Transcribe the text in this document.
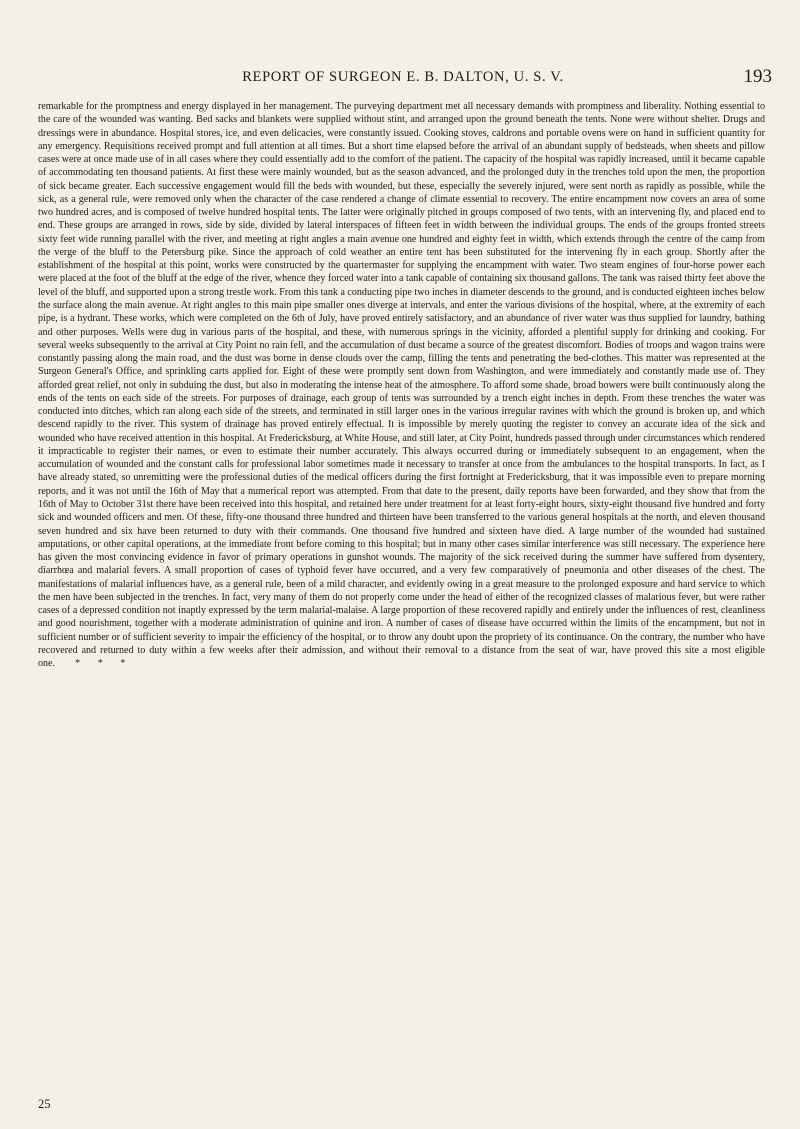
REPORT OF SURGEON E. B. DALTON, U. S. V.	193

remarkable for the promptness and energy displayed in her management. The purveying department met all necessary demands with promptness and liberality. Nothing essential to the care of the wounded was wanting. Bed sacks and blankets were supplied without stint, and arranged upon the ground beneath the tents. None were without shelter. Drugs and dressings were in abundance. Hospital stores, ice, and even delicacies, were constantly issued. Cooking stoves, caldrons and portable ovens were on hand in sufficient quantity for any emergency. Requisitions received prompt and full attention at all times. But a short time elapsed before the arrival of an abundant supply of bedsteads, when sheets and pillow cases were at once made use of in all cases where they could essentially add to the comfort of the patient. The capacity of the hospital was rapidly increased, until it became capable of accommodating ten thousand patients. At first these were mainly wounded, but as the season advanced, and the prolonged duty in the trenches told upon the men, the proportion of sick became greater. Each successive engagement would fill the beds with wounded, but these, especially the severely injured, were sent north as rapidly as possible, while the sick, as a general rule, were removed only when the character of the case rendered a change of climate essential to recovery. The entire encampment now covers an area of some two hundred acres, and is composed of twelve hundred hospital tents. The latter were originally pitched in groups composed of two tents, with an intervening fly, and placed end to end. These groups are arranged in rows, side by side, divided by lateral interspaces of fifteen feet in width between the individual groups. The ends of the groups fronted streets sixty feet wide running parallel with the river, and meeting at right angles a main avenue one hundred and eighty feet in width, which extends through the centre of the camp from the verge of the bluff to the Petersburg pike. Since the approach of cold weather an entire tent has been substituted for the intervening fly in each group. Shortly after the establishment of the hospital at this point, works were constructed by the quartermaster for supplying the encampment with water. Two steam engines of four-horse power each were placed at the foot of the bluff at the edge of the river, whence they forced water into a tank capable of containing six thousand gallons. The tank was raised thirty feet above the level of the bluff, and supported upon a strong trestle work. From this tank a conducting pipe two inches in diameter descends to the ground, and is conducted eighteen inches below the surface along the main avenue. At right angles to this main pipe smaller ones diverge at intervals, and enter the various divisions of the hospital, where, at the extremity of each pipe, is a hydrant. These works, which were completed on the 6th of July, have proved entirely satisfactory, and an abundance of river water was thus supplied for laundry, bathing and other purposes. Wells were dug in various parts of the hospital, and these, with numerous springs in the vicinity, afforded a plentiful supply for drinking and cooking. For several weeks subsequently to the arrival at City Point no rain fell, and the accumulation of dust became a source of the greatest discomfort. Bodies of troops and wagon trains were constantly passing along the main road, and the dust was borne in dense clouds over the camp, filling the tents and penetrating the bed-clothes. This matter was represented at the Surgeon General's Office, and sprinkling carts applied for. Eight of these were promptly sent down from Washington, and were immediately and constantly made use of. They afforded great relief, not only in subduing the dust, but also in moderating the intense heat of the atmosphere. To afford some shade, broad bowers were built continuously along the ends of the tents on each side of the streets. For purposes of drainage, each group of tents was surrounded by a trench eight inches in depth. From these trenches the water was conducted into ditches, which ran along each side of the streets, and terminated in still larger ones in the various irregular ravines with which the ground is broken up, and which descend rapidly to the river. This system of drainage has proved entirely effectual. It is impossible by merely quoting the register to convey an accurate idea of the sick and wounded who have received attention in this hospital. At Fredericksburg, at White House, and still later, at City Point, hundreds passed through under circumstances which rendered it impracticable to register their names, or even to estimate their number accurately. This always occurred during or immediately subsequent to an engagement, when the accumulation of wounded and the constant calls for professional labor sometimes made it necessary to transfer at once from the ambulances to the hospital transports. In fact, as I have already stated, so unremitting were the professional duties of the medical officers during the first fortnight at Fredericksburg, that it was impossible even to prepare morning reports, and it was not until the 16th of May that a numerical report was attempted. From that date to the present, daily reports have been forwarded, and they show that from the 16th of May to October 31st there have been received into this hospital, and retained here under treatment for at least forty-eight hours, sixty-eight thousand five hundred and forty sick and wounded officers and men. Of these, fifty-one thousand three hundred and thirteen have been transferred to the various general hospitals at the north, and eleven thousand seven hundred and six have been returned to duty with their commands. One thousand five hundred and sixteen have died. A large number of the wounded had sustained amputations, or other capital operations, at the immediate front before coming to this hospital; but in many other cases similar interference was still necessary. The experience here has given the most convincing evidence in favor of primary operations in gunshot wounds. The majority of the sick received during the summer have suffered from dysentery, diarrhœa and malarial fevers. A small proportion of cases of typhoid fever have occurred, and a very few comparatively of pneumonia and other diseases of the chest. The manifestations of malarial influences have, as a general rule, been of a mild character, and evidently owing in a great measure to the prolonged exposure and hard service to which the men have been subjected in the trenches. In fact, very many of them do not properly come under the head of either of the recognized classes of malarious fever, but were rather cases of a depressed condition not inaptly expressed by the term malarial-malaise. A large proportion of these recovered rapidly and entirely under the influences of rest, cleanliness and good nourishment, together with a moderate administration of quinine and iron. A number of cases of disease have occurred within the limits of the encampment, but not in sufficient number or of sufficient severity to impair the efficiency of the hospital, or to throw any doubt upon the propriety of its continuance. On the contrary, the number who have recovered and returned to duty within a few weeks after their admission, and without their removal to a distance from the seat of war, have proved this site a most eligible one. *       *       *

25
